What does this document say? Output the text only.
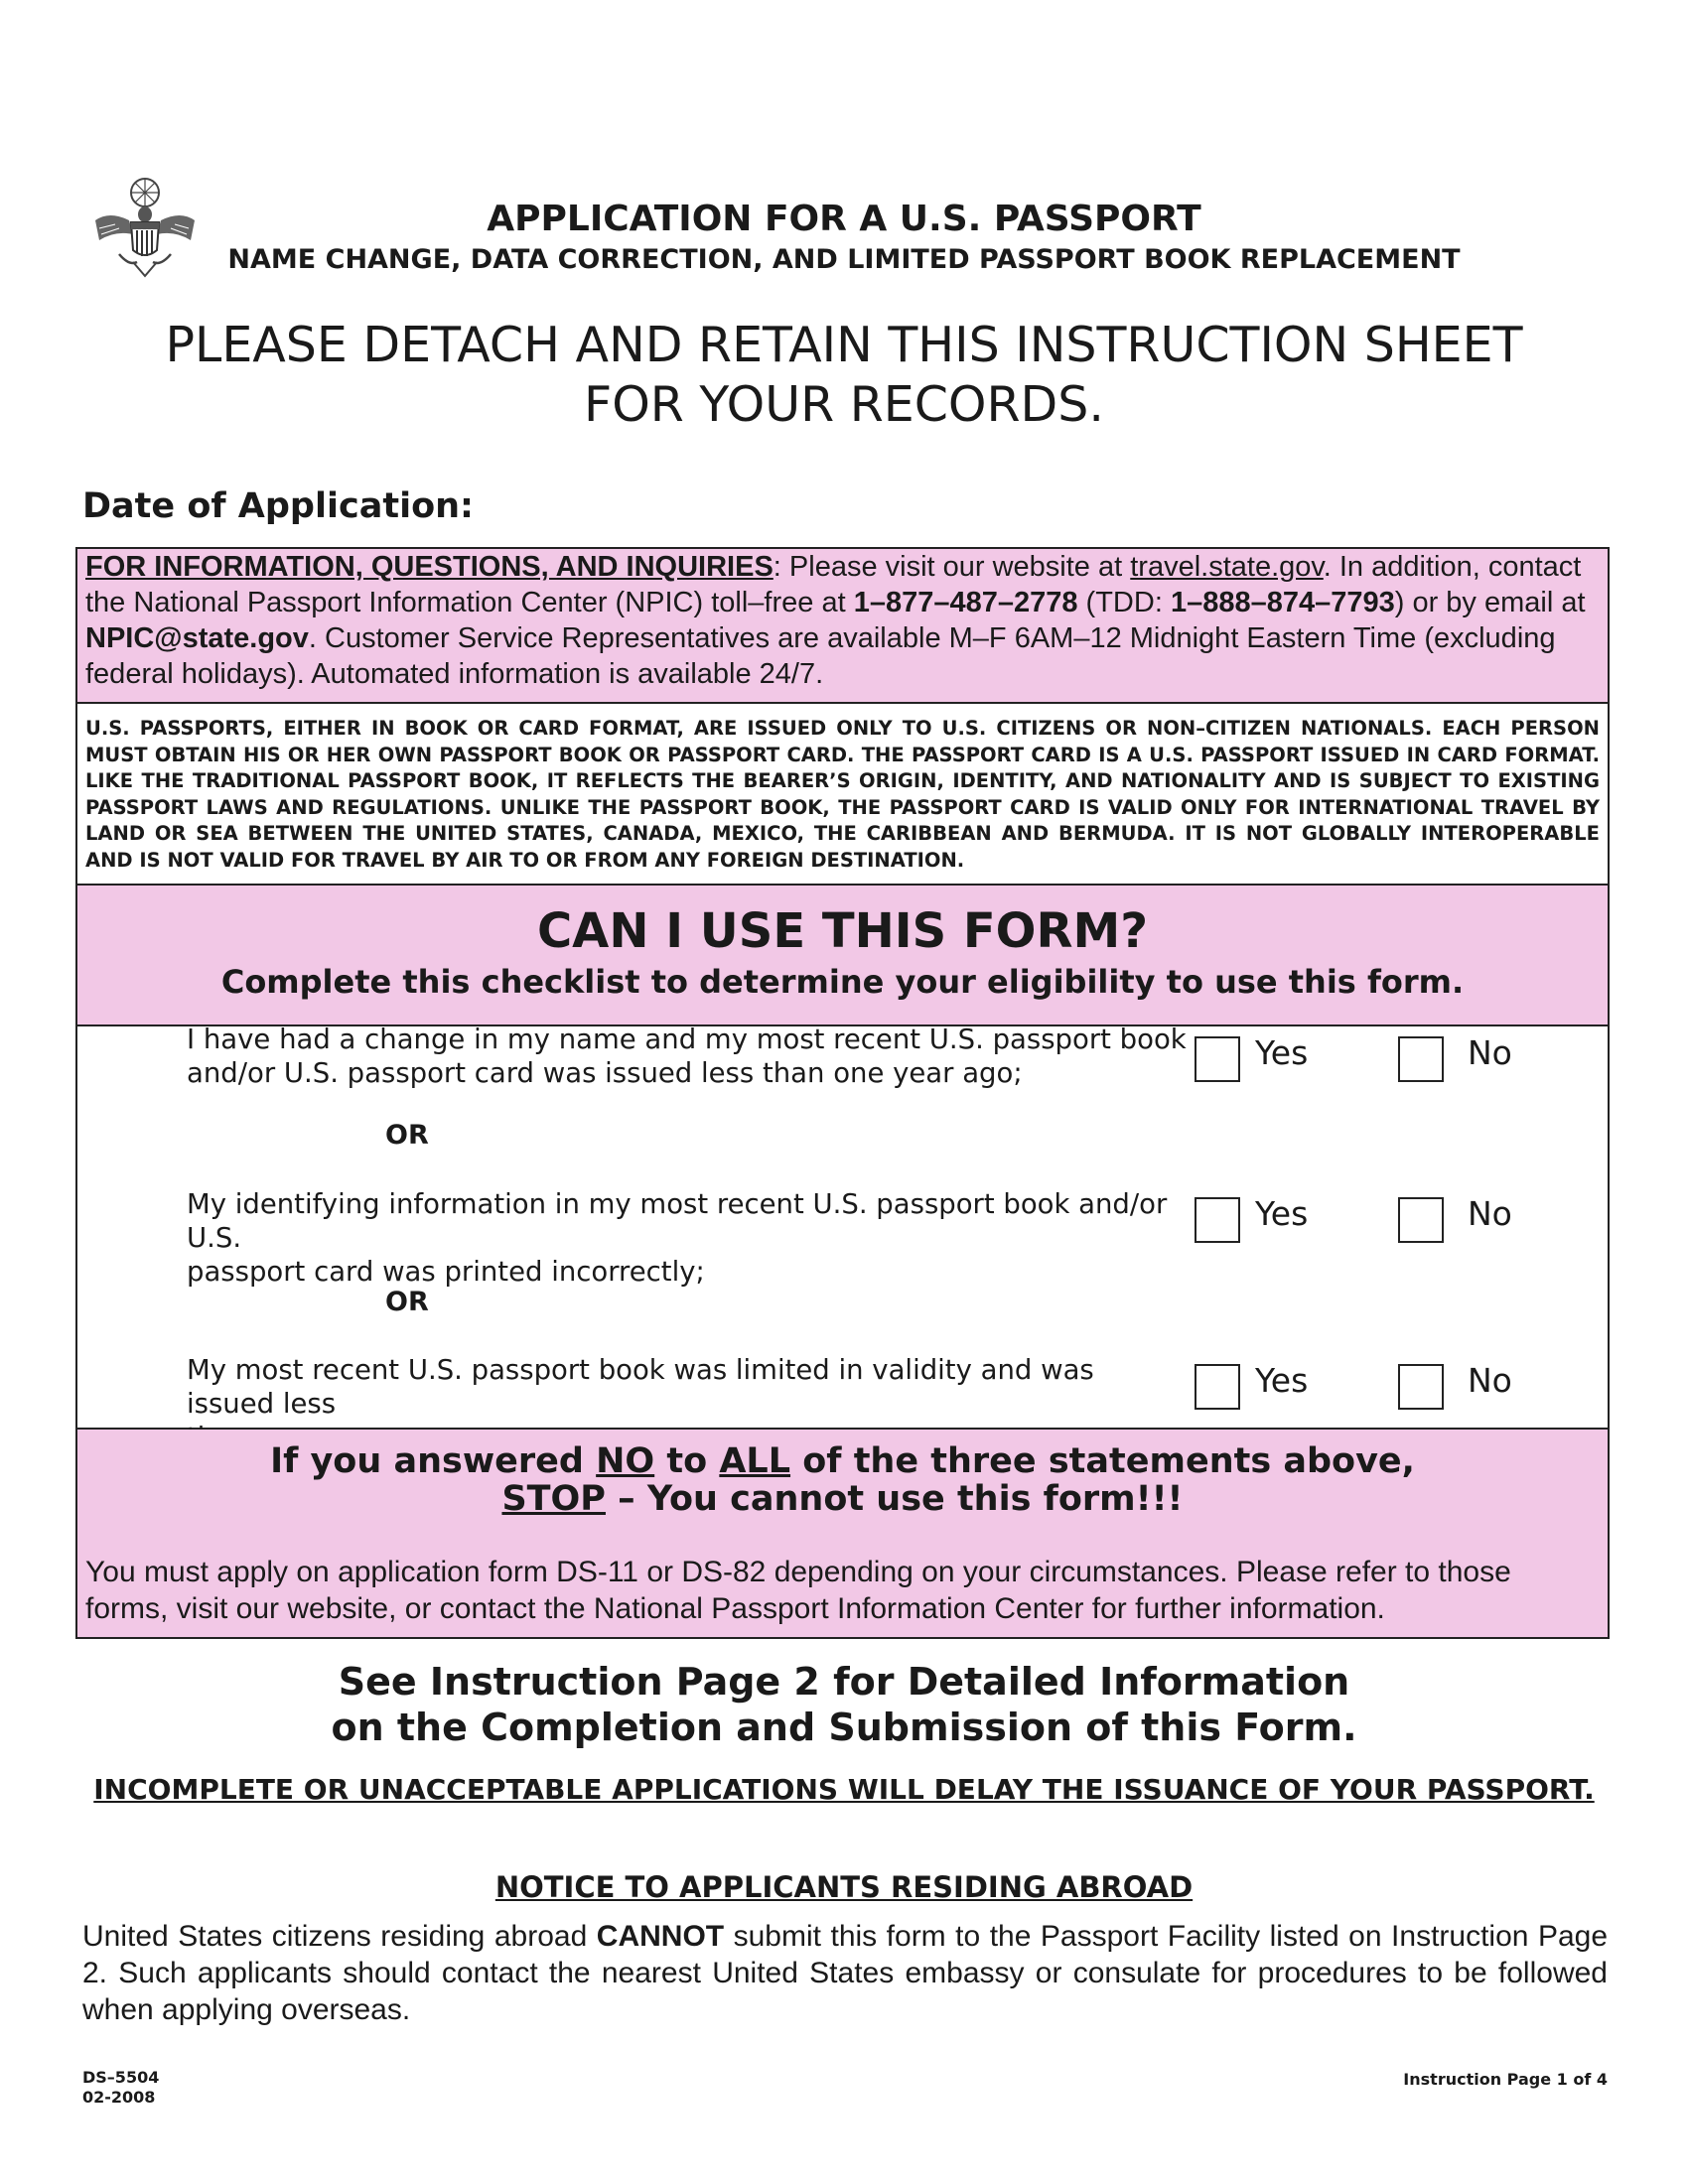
APPLICATION FOR A U.S. PASSPORT
NAME CHANGE, DATA CORRECTION, AND LIMITED PASSPORT BOOK REPLACEMENT
PLEASE DETACH AND RETAIN THIS INSTRUCTION SHEET
FOR YOUR RECORDS.
Date of Application:
FOR INFORMATION, QUESTIONS, AND INQUIRIES: Please visit our website at travel.state.gov. In addition, contact the National Passport Information Center (NPIC) toll–free at 1–877–487–2778 (TDD: 1–888–874–7793) or by email at NPIC@state.gov. Customer Service Representatives are available M–F 6AM–12 Midnight Eastern Time (excluding federal holidays). Automated information is available 24/7.
U.S. PASSPORTS, EITHER IN BOOK OR CARD FORMAT, ARE ISSUED ONLY TO U.S. CITIZENS OR NON–CITIZEN NATIONALS. EACH PERSON MUST OBTAIN HIS OR HER OWN PASSPORT BOOK OR PASSPORT CARD. THE PASSPORT CARD IS A U.S. PASSPORT ISSUED IN CARD FORMAT. LIKE THE TRADITIONAL PASSPORT BOOK, IT REFLECTS THE BEARER’S ORIGIN, IDENTITY, AND NATIONALITY AND IS SUBJECT TO EXISTING PASSPORT LAWS AND REGULATIONS. UNLIKE THE PASSPORT BOOK, THE PASSPORT CARD IS VALID ONLY FOR INTERNATIONAL TRAVEL BY LAND OR SEA BETWEEN THE UNITED STATES, CANADA, MEXICO, THE CARIBBEAN AND BERMUDA. IT IS NOT GLOBALLY INTEROPERABLE AND IS NOT VALID FOR TRAVEL BY AIR TO OR FROM ANY FOREIGN DESTINATION.
CAN I USE THIS FORM?
Complete this checklist to determine your eligibility to use this form.
I have had a change in my name and my most recent U.S. passport book
and/or U.S. passport card was issued less than one year ago;
Yes	No
OR
My identifying information in my most recent U.S. passport book and/or U.S.
passport card was printed incorrectly;
Yes	No
OR
My most recent U.S. passport book was limited in validity and was issued less
Yes	No
If you answered NO to ALL of the three statements above,
STOP – You cannot use this form!!!
You must apply on application form DS-11 or DS-82 depending on your circumstances. Please refer to those forms, visit our website, or contact the National Passport Information Center for further information.
See Instruction Page 2 for Detailed Information
on the Completion and Submission of this Form.
INCOMPLETE OR UNACCEPTABLE APPLICATIONS WILL DELAY THE ISSUANCE OF YOUR PASSPORT.
NOTICE TO APPLICANTS RESIDING ABROAD
United States citizens residing abroad CANNOT submit this form to the Passport Facility listed on Instruction Page 2. Such applicants should contact the nearest United States embassy or consulate for procedures to be followed when applying overseas.
DS–5504
02-2008
Instruction Page 1 of 4
